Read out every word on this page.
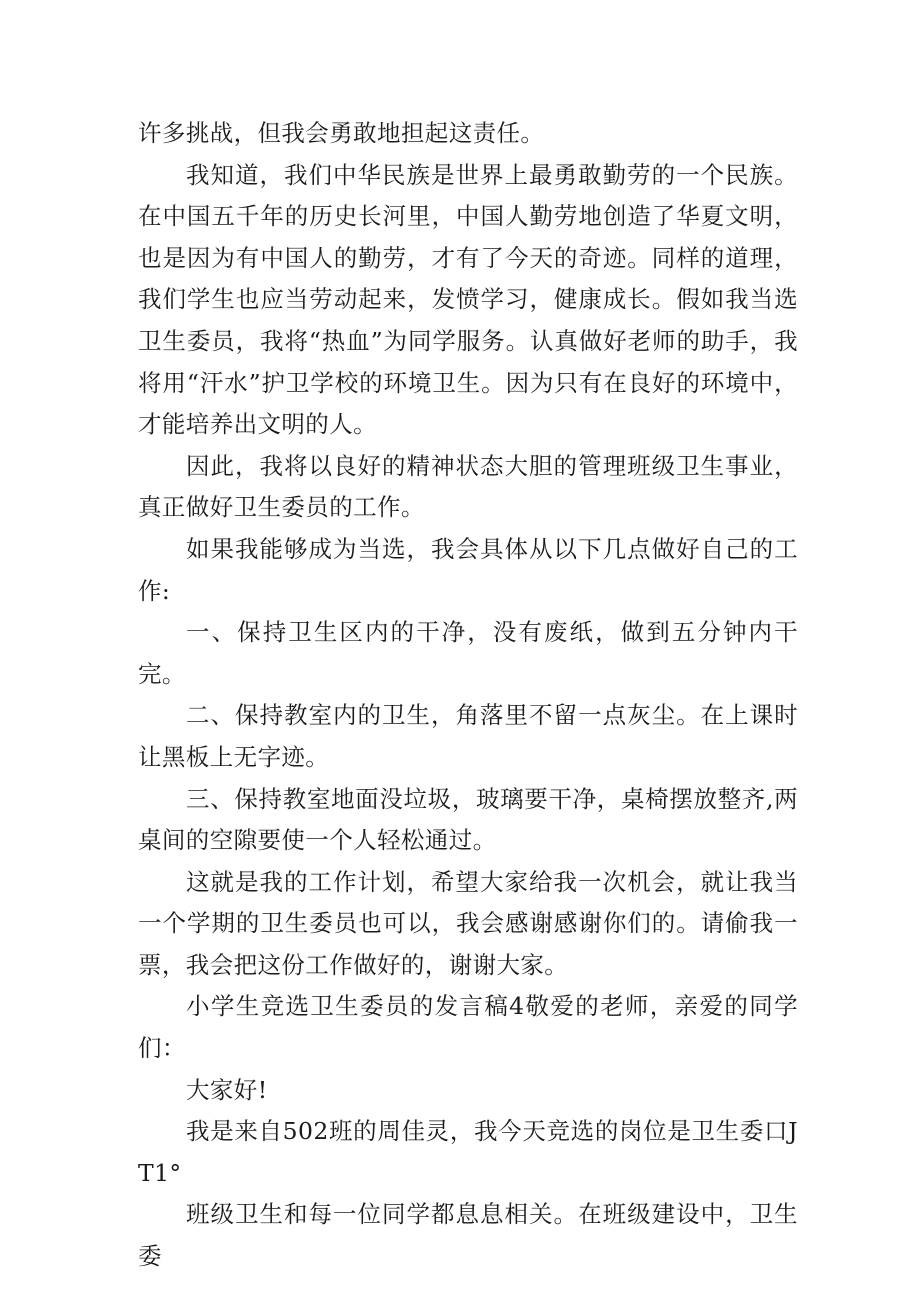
许多挑战，但我会勇敢地担起这责任。

我知道，我们中华民族是世界上最勇敢勤劳的一个民族。在中国五千年的历史长河里，中国人勤劳地创造了华夏文明，也是因为有中国人的勤劳，才有了今天的奇迹。同样的道理，我们学生也应当劳动起来，发愤学习，健康成长。假如我当选卫生委员，我将“热血”为同学服务。认真做好老师的助手，我将用“汗水”护卫学校的环境卫生。因为只有在良好的环境中，才能培养出文明的人。

因此，我将以良好的精神状态大胆的管理班级卫生事业，真正做好卫生委员的工作。

如果我能够成为当选，我会具体从以下几点做好自己的工作:

一、保持卫生区内的干净，没有废纸，做到五分钟内干完。

二、保持教室内的卫生，角落里不留一点灰尘。在上课时让黑板上无字迹。

三、保持教室地面没垃圾，玻璃要干净，桌椅摆放整齐,两桌间的空隙要使一个人轻松通过。

这就是我的工作计划，希望大家给我一次机会，就让我当一个学期的卫生委员也可以，我会感谢感谢你们的。请偷我一票，我会把这份工作做好的，谢谢大家。

小学生竞选卫生委员的发言稿4敬爱的老师，亲爱的同学们：

大家好!

我是来自502班的周佳灵，我今天竞选的岗位是卫生委口JT1°

班级卫生和每一位同学都息息相关。在班级建设中，卫生委
